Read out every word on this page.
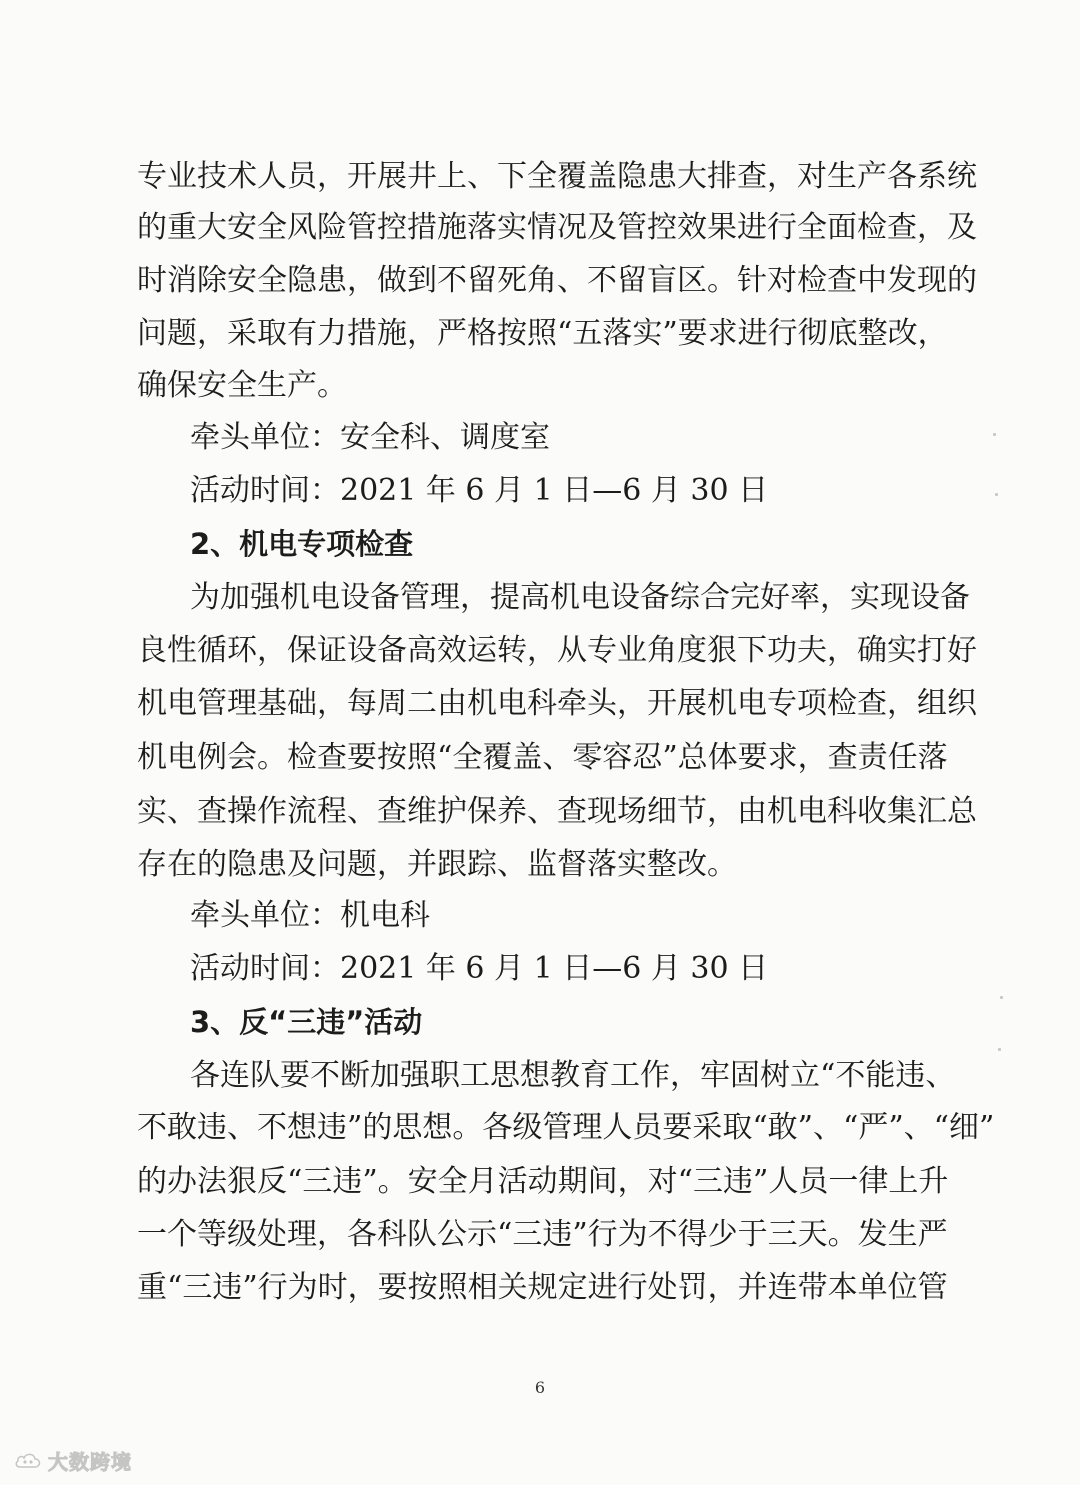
专业技术人员，开展井上、下全覆盖隐患大排查，对生产各系统
的重大安全风险管控措施落实情况及管控效果进行全面检查，及
时消除安全隐患，做到不留死角、不留盲区。针对检查中发现的
问题，采取有力措施，严格按照“五落实”要求进行彻底整改，
确保安全生产。
牵头单位：安全科、调度室
活动时间：2021 年 6 月 1 日—6 月 30 日
2、机电专项检查
为加强机电设备管理，提高机电设备综合完好率，实现设备
良性循环，保证设备高效运转，从专业角度狠下功夫，确实打好
机电管理基础，每周二由机电科牵头，开展机电专项检查，组织
机电例会。检查要按照“全覆盖、零容忍”总体要求，查责任落
实、查操作流程、查维护保养、查现场细节，由机电科收集汇总
存在的隐患及问题，并跟踪、监督落实整改。
牵头单位：机电科
活动时间：2021 年 6 月 1 日—6 月 30 日
3、反“三违”活动
各连队要不断加强职工思想教育工作，牢固树立“不能违、
不敢违、不想违”的思想。各级管理人员要采取“敢”、“严”、“细”
的办法狠反“三违”。安全月活动期间，对“三违”人员一律上升
一个等级处理，各科队公示“三违”行为不得少于三天。发生严
重“三违”行为时，要按照相关规定进行处罚，并连带本单位管
6
大数跨境
